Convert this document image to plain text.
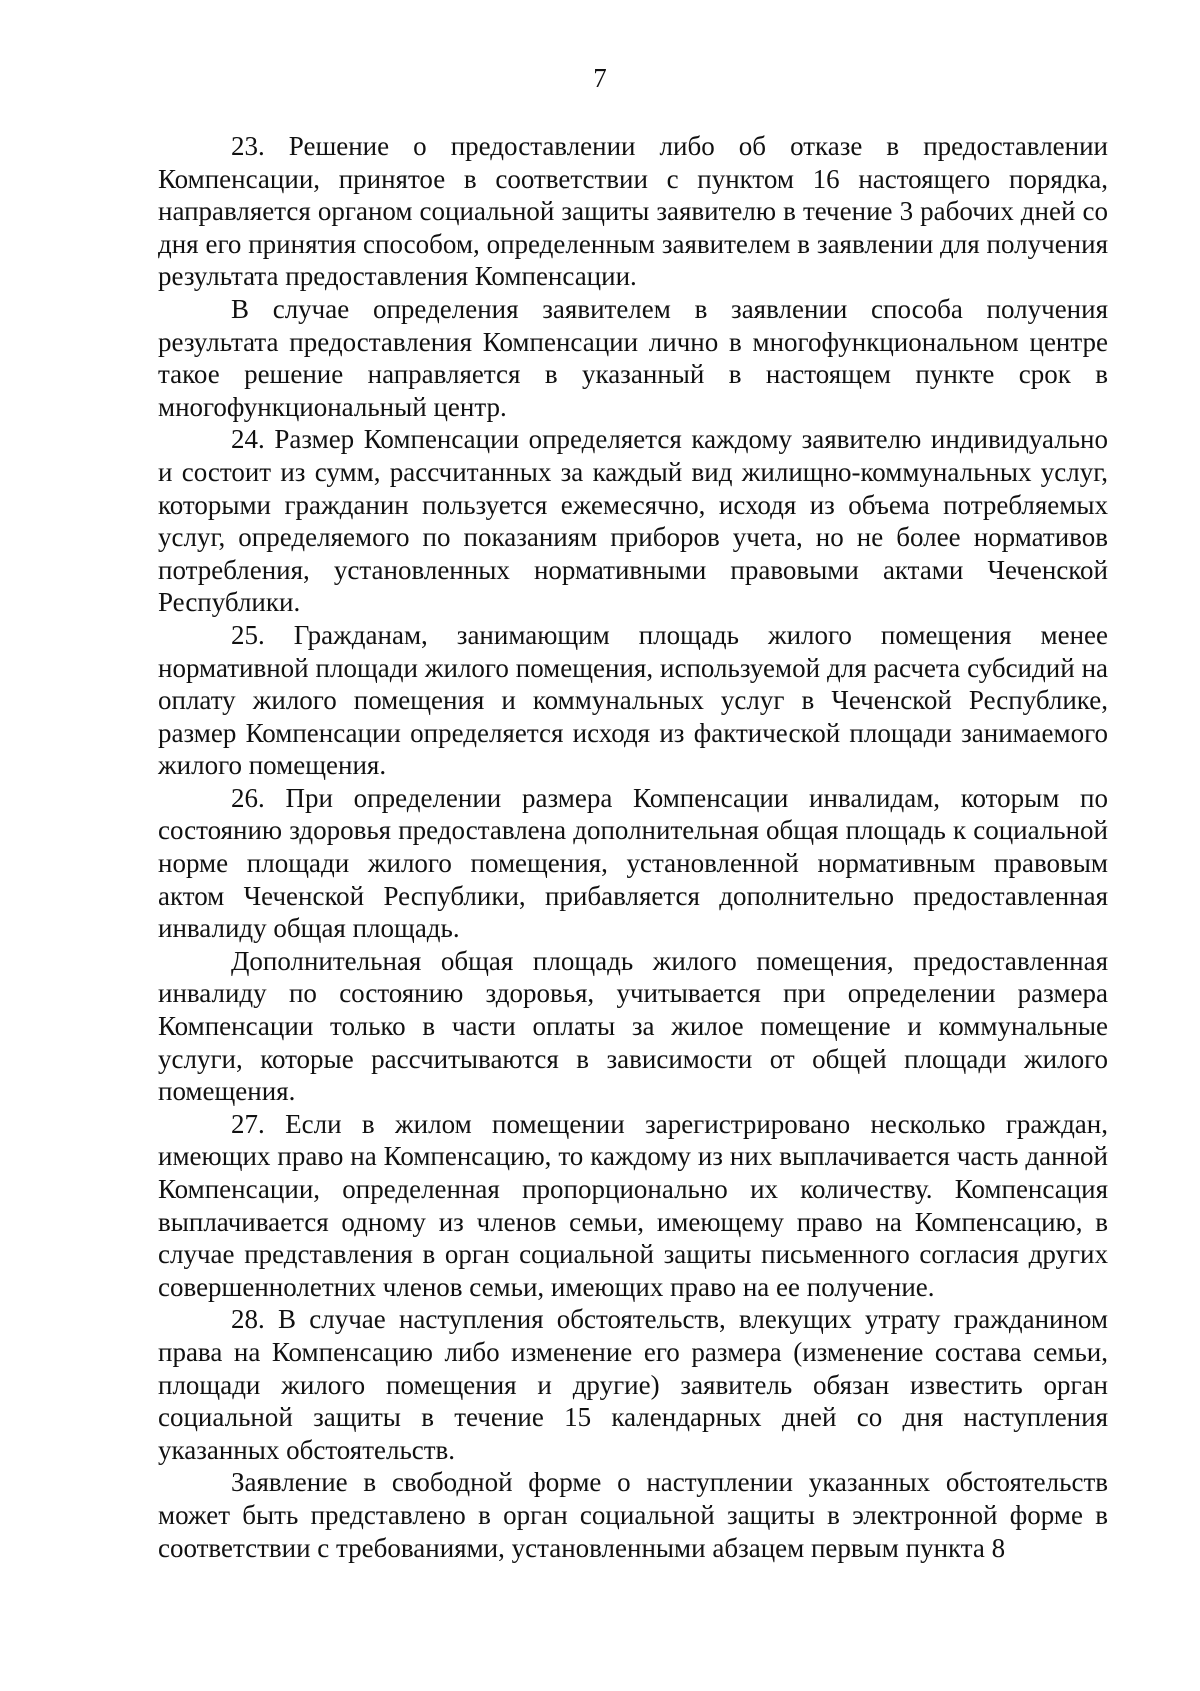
7

23. Решение о предоставлении либо об отказе в предоставлении Компенсации, принятое в соответствии с пунктом 16 настоящего порядка, направляется органом социальной защиты заявителю в течение 3 рабочих дней со дня его принятия способом, определенным заявителем в заявлении для получения результата предоставления Компенсации.

В случае определения заявителем в заявлении способа получения результата предоставления Компенсации лично в многофункциональном центре такое решение направляется в указанный в настоящем пункте срок в многофункциональный центр.

24. Размер Компенсации определяется каждому заявителю индивидуально и состоит из сумм, рассчитанных за каждый вид жилищно-коммунальных услуг, которыми гражданин пользуется ежемесячно, исходя из объема потребляемых услуг, определяемого по показаниям приборов учета, но не более нормативов потребления, установленных нормативными правовыми актами Чеченской Республики.

25. Гражданам, занимающим площадь жилого помещения менее нормативной площади жилого помещения, используемой для расчета субсидий на оплату жилого помещения и коммунальных услуг в Чеченской Республике, размер Компенсации определяется исходя из фактической площади занимаемого жилого помещения.

26. При определении размера Компенсации инвалидам, которым по состоянию здоровья предоставлена дополнительная общая площадь к социальной норме площади жилого помещения, установленной нормативным правовым актом Чеченской Республики, прибавляется дополнительно предоставленная инвалиду общая площадь.

Дополнительная общая площадь жилого помещения, предоставленная инвалиду по состоянию здоровья, учитывается при определении размера Компенсации только в части оплаты за жилое помещение и коммунальные услуги, которые рассчитываются в зависимости от общей площади жилого помещения.

27. Если в жилом помещении зарегистрировано несколько граждан, имеющих право на Компенсацию, то каждому из них выплачивается часть данной Компенсации, определенная пропорционально их количеству. Компенсация выплачивается одному из членов семьи, имеющему право на Компенсацию, в случае представления в орган социальной защиты письменного согласия других совершеннолетних членов семьи, имеющих право на ее получение.

28. В случае наступления обстоятельств, влекущих утрату гражданином права на Компенсацию либо изменение его размера (изменение состава семьи, площади жилого помещения и другие) заявитель обязан известить орган социальной защиты в течение 15 календарных дней со дня наступления указанных обстоятельств.

Заявление в свободной форме о наступлении указанных обстоятельств может быть представлено в орган социальной защиты в электронной форме в соответствии с требованиями, установленными абзацем первым пункта 8
